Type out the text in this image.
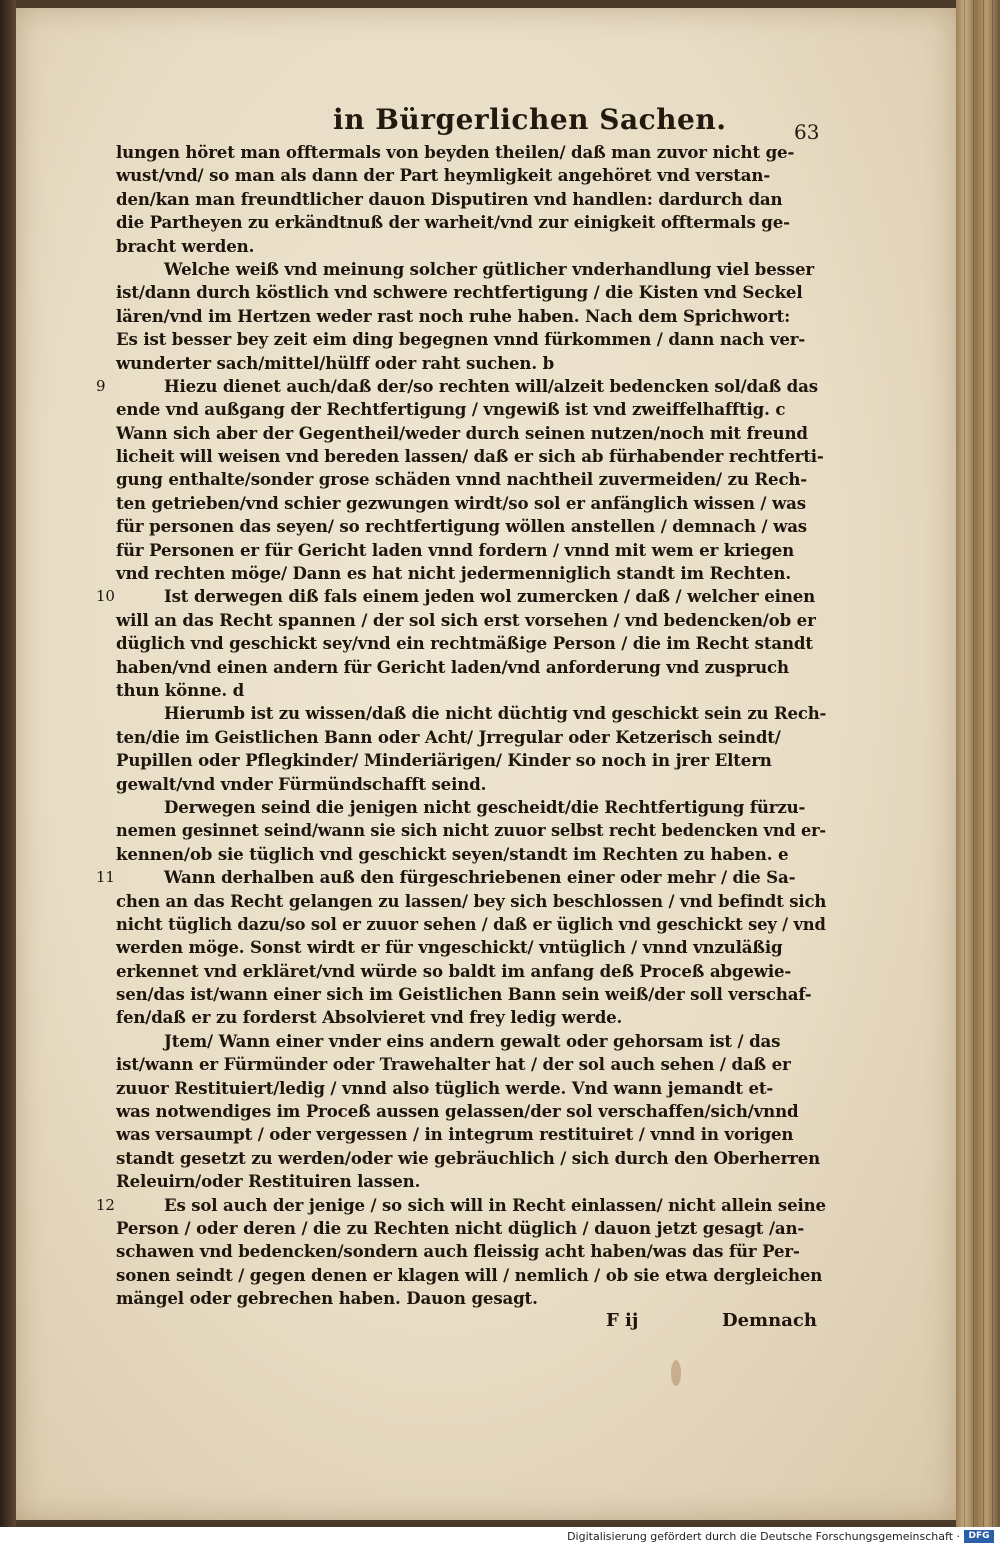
in Bürgerlichen Sachen.	63
lungen höret man offtermals von beyden theilen/ daß man zuvor nicht ge-
wust/vnd/ so man als dann der Part heymligkeit angehöret vnd verstan-
den/kan man freundtlicher dauon Disputiren vnd handlen: dardurch dan
die Partheyen zu erkändtnuß der warheit/vnd zur einigkeit offtermals ge-
bracht werden.
Welche weiß vnd meinung solcher gütlicher vnderhandlung viel besser
ist/dann durch köstlich vnd schwere rechtfertigung / die Kisten vnd Seckel
lären/vnd im Hertzen weder rast noch ruhe haben. Nach dem Sprichwort:
Es ist besser bey zeit eim ding begegnen vnnd fürkommen / dann nach ver-
wunderter sach/mittel/hülff oder raht suchen. b
9	Hiezu dienet auch/daß der/so rechten will/alzeit bedencken sol/daß das
ende vnd außgang der Rechtfertigung / vngewiß ist vnd zweiffelhafftig. c
Wann sich aber der Gegentheil/weder durch seinen nutzen/noch mit freund
licheit will weisen vnd bereden lassen/ daß er sich ab fürhabender rechtferti-
gung enthalte/sonder grose schäden vnnd nachtheil zuvermeiden/ zu Rech-
ten getrieben/vnd schier gezwungen wirdt/so sol er anfänglich wissen / was
für personen das seyen/ so rechtfertigung wöllen anstellen / demnach / was
für Personen er für Gericht laden vnnd fordern / vnnd mit wem er kriegen
vnd rechten möge/ Dann es hat nicht jedermenniglich standt im Rechten.
10	Ist derwegen diß fals einem jeden wol zumercken / daß / welcher einen
will an das Recht spannen / der sol sich erst vorsehen / vnd bedencken/ob er
düglich vnd geschickt sey/vnd ein rechtmäßige Person / die im Recht standt
haben/vnd einen andern für Gericht laden/vnd anforderung vnd zuspruch
thun könne. d
Hierumb ist zu wissen/daß die nicht düchtig vnd geschickt sein zu Rech-
ten/die im Geistlichen Bann oder Acht/ Jrregular oder Ketzerisch seindt/
Pupillen oder Pflegkinder/ Minderiärigen/ Kinder so noch in jrer Eltern
gewalt/vnd vnder Fürmündschafft seind.
Derwegen seind die jenigen nicht gescheidt/die Rechtfertigung fürzu-
nemen gesinnet seind/wann sie sich nicht zuuor selbst recht bedencken vnd er-
kennen/ob sie tüglich vnd geschickt seyen/standt im Rechten zu haben. e
11	Wann derhalben auß den fürgeschriebenen einer oder mehr / die Sa-
chen an das Recht gelangen zu lassen/ bey sich beschlossen / vnd befindt sich
nicht tüglich dazu/so sol er zuuor sehen / daß er üglich vnd geschickt sey / vnd
werden möge. Sonst wirdt er für vngeschickt/ vntüglich / vnnd vnzuläßig
erkennet vnd erkläret/vnd würde so baldt im anfang deß Proceß abgewie-
sen/das ist/wann einer sich im Geistlichen Bann sein weiß/der soll verschaf-
fen/daß er zu forderst Absolvieret vnd frey ledig werde.
Jtem/ Wann einer vnder eins andern gewalt oder gehorsam ist / das
ist/wann er Fürmünder oder Trawehalter hat / der sol auch sehen / daß er
zuuor Restituiert/ledig / vnnd also tüglich werde. Vnd wann jemandt et-
was notwendiges im Proceß aussen gelassen/der sol verschaffen/sich/vnnd
was versaumpt / oder vergessen / in integrum restituiret / vnnd in vorigen
standt gesetzt zu werden/oder wie gebräuchlich / sich durch den Oberherren
Releuirn/oder Restituiren lassen.
12	Es sol auch der jenige / so sich will in Recht einlassen/ nicht allein seine
Person / oder deren / die zu Rechten nicht düglich / dauon jetzt gesagt /an-
schawen vnd bedencken/sondern auch fleissig acht haben/was das für Per-
sonen seindt / gegen denen er klagen will / nemlich / ob sie etwa dergleichen
mängel oder gebrechen haben. Dauon gesagt.
F ij	Demnach
Digitalisierung gefördert durch die Deutsche Forschungsgemeinschaft · DFG
